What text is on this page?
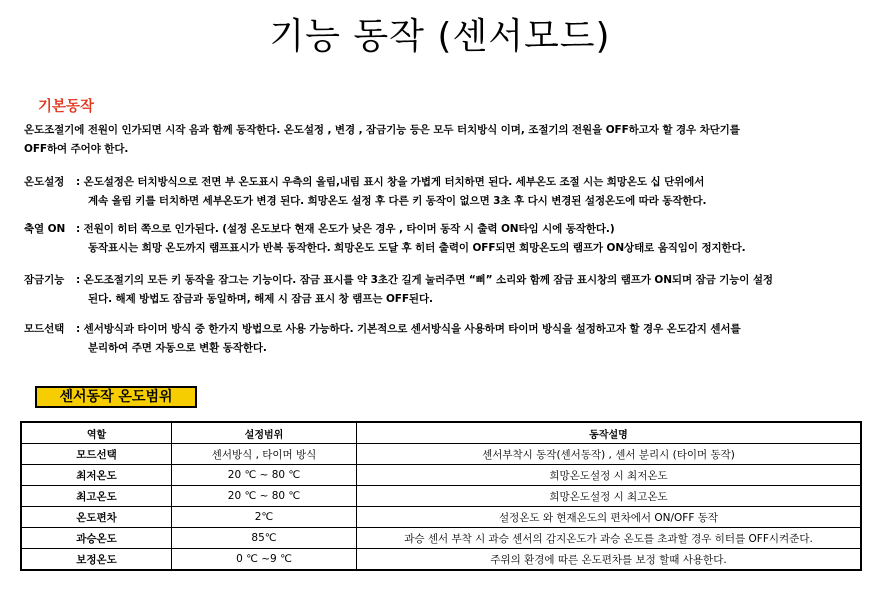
기능 동작 (센서모드)
기본동작
온도조절기에 전원이 인가되면 시작 음과 함께 동작한다. 온도설정 , 변경 , 잠금기능 등은 모두 터치방식 이며, 조절기의 전원을 OFF하고자 할 경우 차단기를
OFF하여 주어야 한다.
온도설정	: 온도설정은 터치방식으로 전면 부 온도표시 우측의 올림,내림 표시 창을 가볍게 터치하면 된다. 세부온도 조절 시는 희망온도 십 단위에서
계속 올림 키를 터치하면 세부온도가 변경 된다. 희망온도 설정 후 다른 키 동작이 없으면 3초 후 다시 변경된 설정온도에 따라 동작한다.
축열 ON	: 전원이 히터 쪽으로 인가된다. (설정 온도보다 현재 온도가 낮은 경우 , 타이머 동작 시 출력 ON타임 시에 동작한다.)
동작표시는 희망 온도까지 램프표시가 반복 동작한다. 희망온도 도달 후 히터 출력이 OFF되면 희망온도의 램프가 ON상태로 움직임이 정지한다.
잠금기능	: 온도조절기의 모든 키 동작을 잠그는 기능이다. 잠금 표시를 약 3초간 길게 눌러주면 “삐” 소리와 함께 잠금 표시창의 램프가 ON되며 잠금 기능이 설정
된다. 해제 방법도 잠금과 동일하며, 해제 시 잠금 표시 창 램프는 OFF된다.
모드선택	: 센서방식과 타이머 방식 중 한가지 방법으로 사용 가능하다. 기본적으로 센서방식을 사용하며 타이머 방식을 설정하고자 할 경우 온도감지 센서를
분리하여 주면 자동으로 변환 동작한다.
센서동작 온도범위
역할	설정범위	동작설명
모드선택	센서방식 , 타이머 방식	센서부착시 동작(센서동작) , 센서 분리시 (타이머 동작)
최저온도	20 ℃ ~ 80 ℃	희망온도설정 시 최저온도
최고온도	20 ℃ ~ 80 ℃	희망온도설정 시 최고온도
온도편차	2℃	설정온도 와 현재온도의 편차에서 ON/OFF 동작
과승온도	85℃	과승 센서 부착 시 과승 센서의 감지온도가 과승 온도를 초과할 경우 히터를 OFF시켜준다.
보정온도	0 ℃ ~9 ℃	주위의 환경에 따른 온도편차를 보정 할때 사용한다.
